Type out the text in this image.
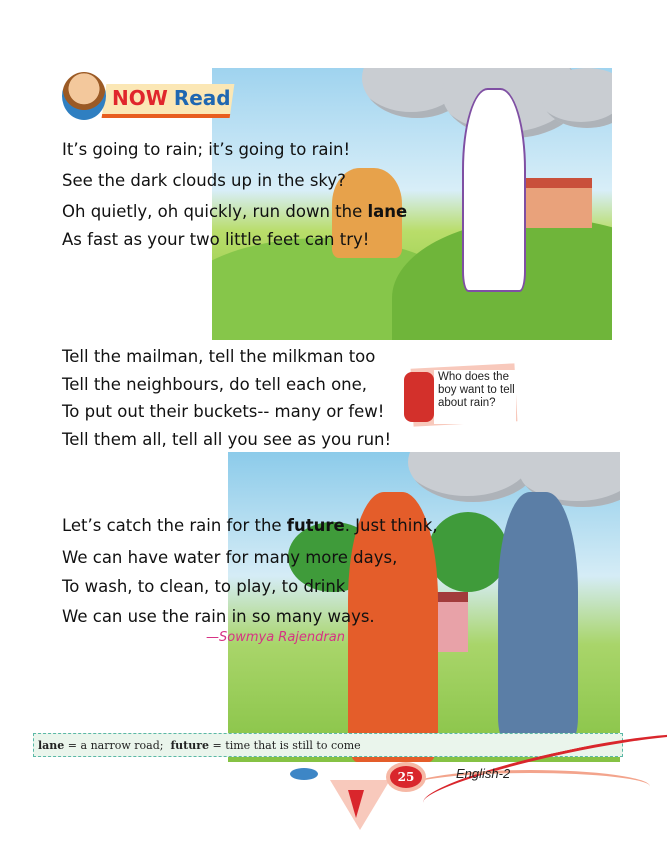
NOW Read
It’s going to rain; it’s going to rain!
See the dark clouds up in the sky?
Oh quietly, oh quickly, run down the lane
As fast as your two little feet can try!
Tell the mailman, tell the milkman too
Tell the neighbours, do tell each one,
To put out their buckets-- many or few!
Tell them all, tell all you see as you run!
Let’s catch the rain for the future. Just think,
We can have water for many more days,
To wash, to clean, to play, to drink
We can use the rain in so many ways.
—Sowmya Rajendran
Who does the boy want to tell about rain?
lane = a narrow road;  future = time that is still to come
25	English-2
